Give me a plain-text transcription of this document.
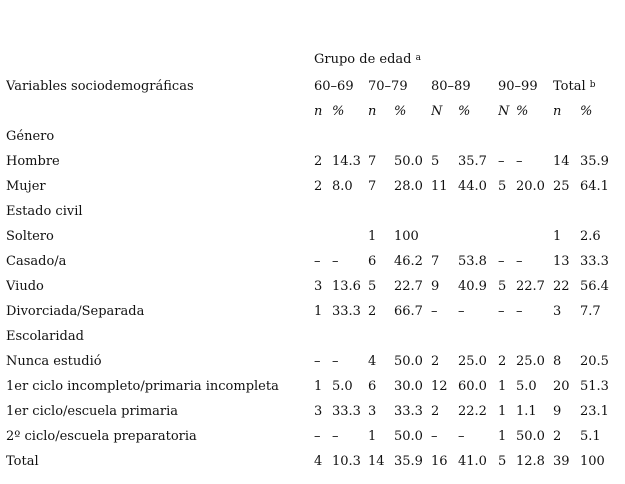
	Grupo de edad $^a$
Variables sociodemográficas	60–69		70–79		80–89		90–99		Total $^b$
	n	%	n	%	N	%	N	%	n	%
Género										
Hombre	2	14.3	7	50.0	5	35.7	–	–	14	35.9
Mujer	2	8.0	7	28.0	11	44.0	5	20.0	25	64.1
Estado civil										
Soltero			1	100					1	2.6
Casado/a	–	–	6	46.2	7	53.8	–	–	13	33.3
Viudo	3	13.6	5	22.7	9	40.9	5	22.7	22	56.4
Divorciada/Separada	1	33.3	2	66.7	–	–	–	–	3	7.7
Escolaridad										
Nunca estudió	–	–	4	50.0	2	25.0	2	25.0	8	20.5
1er ciclo incompleto/primaria incompleta	1	5.0	6	30.0	12	60.0	1	5.0	20	51.3
1er ciclo/escuela primaria	3	33.3	3	33.3	2	22.2	1	1.1	9	23.1
2º ciclo/escuela preparatoria	–	–	1	50.0	–	–	1	50.0	2	5.1
Total	4	10.3	14	35.9	16	41.0	5	12.8	39	100
